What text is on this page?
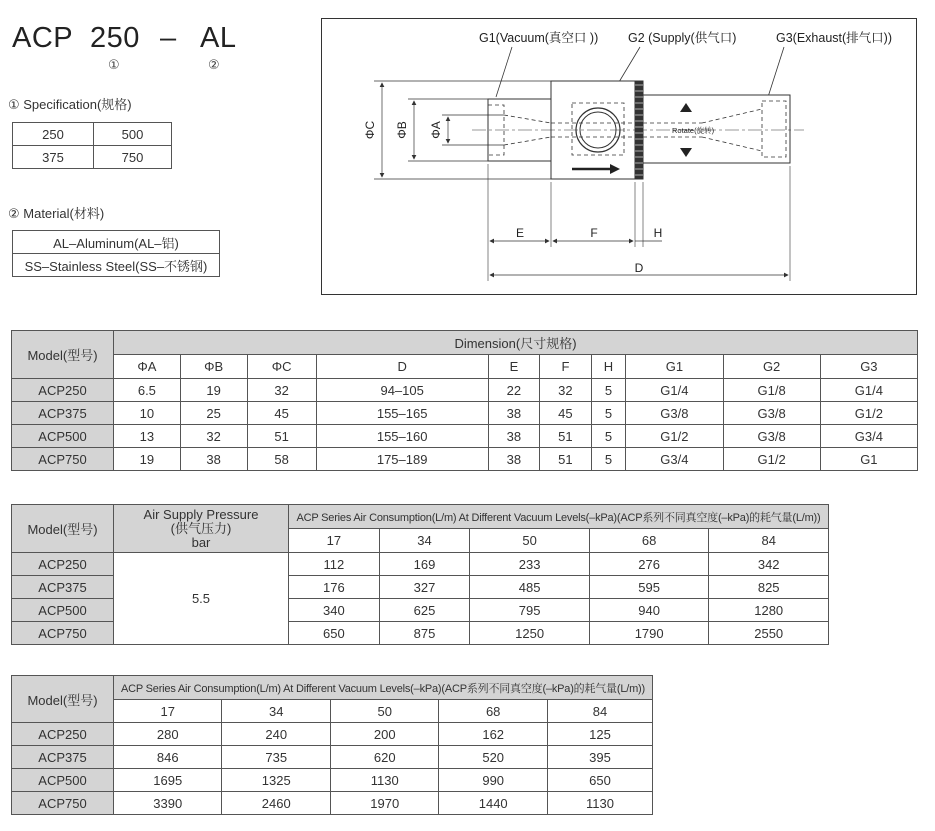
ACP 250 – AL
①	②
① Specification(规格)
250	500
375	750
② Material(材料)
AL–Aluminum(AL–铝)
SS–Stainless Steel(SS–不锈钢)
G1(Vacuum(真空口 )) G2 (Supply(供气口)	G3(Exhaust(排气口))
Rotate(旋转)
ΦC ΦB ΦA
E	F	H
D
Model(型号)	Dimension(尺寸规格)									
	ΦA	ΦB	ΦC	D	E	F	H	G1	G2	G3
ACP250	6.5	19	32	94–105	22	32	5	G1/4	G1/8	G1/4
ACP375	10	25	45	155–165	38	45	5	G3/8	G3/8	G1/2
ACP500	13	32	51	155–160	38	51	5	G1/2	G3/8	G3/4
ACP750	19	38	58	175–189	38	51	5	G3/4	G1/2	G1
Model(型号)	Air Supply Pressure
(供气压力)
bar	ACP Series Air Consumption(L/m) At Different Vacuum Levels(–kPa)(ACP系列不同真空度(–kPa)的耗气量(L/m))				
		17	34	50	68	84
ACP250	5.5	112	169	233	276	342
ACP375		176	327	485	595	825
ACP500		340	625	795	940	1280
ACP750		650	875	1250	1790	2550
Model(型号)	ACP Series Air Consumption(L/m) At Different Vacuum Levels(–kPa)(ACP系列不同真空度(–kPa)的耗气量(L/m))				
	17	34	50	68	84
ACP250	280	240	200	162	125
ACP375	846	735	620	520	395
ACP500	1695	1325	1130	990	650
ACP750	3390	2460	1970	1440	1130
